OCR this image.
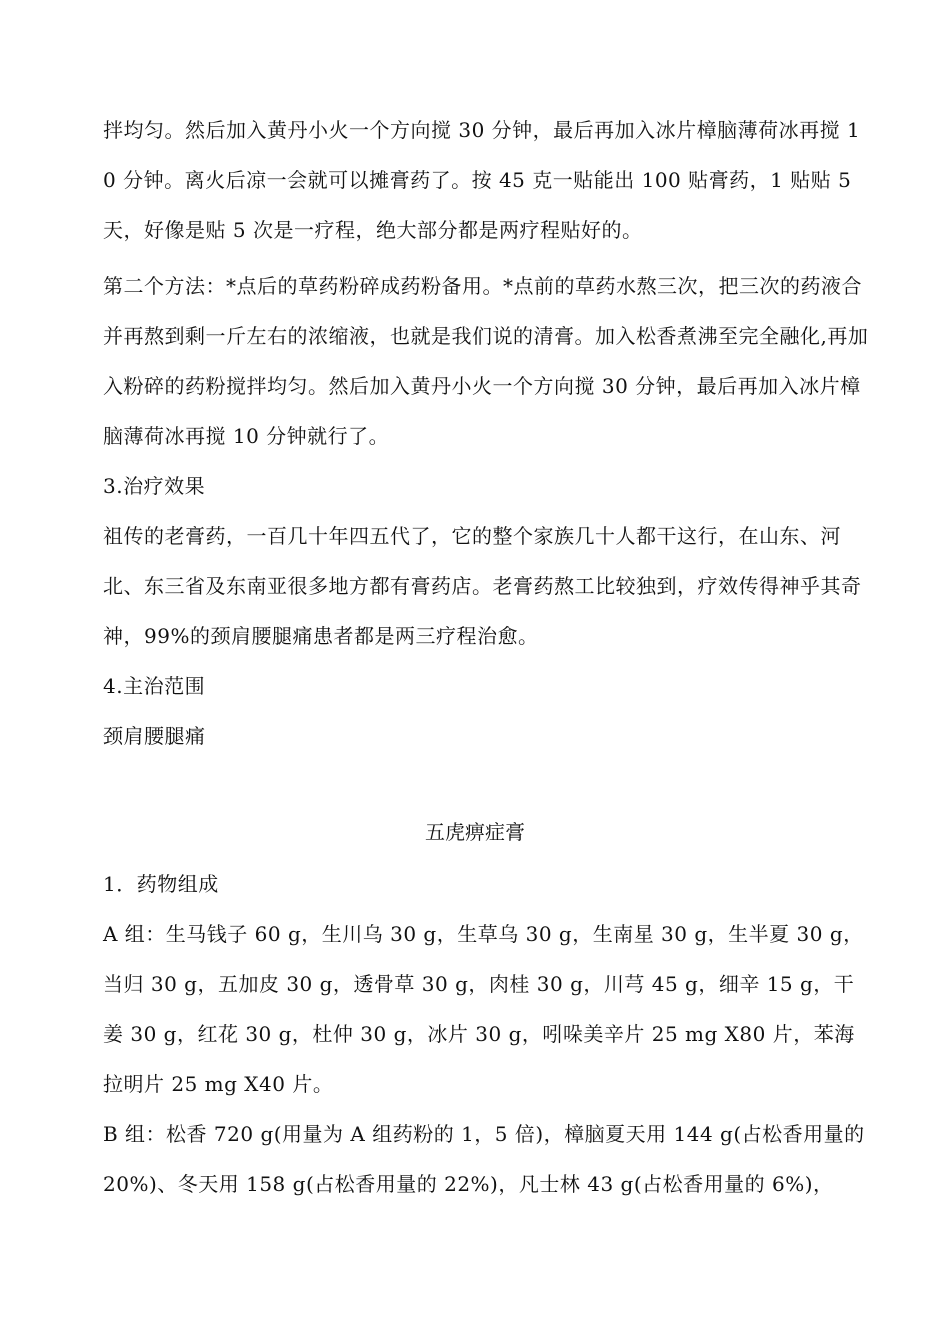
拌均匀。然后加入黄丹小火一个方向搅 30 分钟，最后再加入冰片樟脑薄荷冰再搅 10 分钟。离火后凉一会就可以摊膏药了。按 45 克一贴能出 100 贴膏药，1 贴贴 5 天，好像是贴 5 次是一疗程，绝大部分都是两疗程贴好的。

第二个方法：*点后的草药粉碎成药粉备用。*点前的草药水熬三次，把三次的药液合并再熬到剩一斤左右的浓缩液，也就是我们说的清膏。加入松香煮沸至完全融化,再加入粉碎的药粉搅拌均匀。然后加入黄丹小火一个方向搅 30 分钟，最后再加入冰片樟脑薄荷冰再搅 10 分钟就行了。

3.治疗效果

祖传的老膏药，一百几十年四五代了，它的整个家族几十人都干这行，在山东、河北、东三省及东南亚很多地方都有膏药店。老膏药熬工比较独到，疗效传得神乎其奇神，99%的颈肩腰腿痛患者都是两三疗程治愈。

4.主治范围

颈肩腰腿痛

五虎痹症膏

1．药物组成

A 组：生马钱子 60 g，生川乌 30 g，生草乌 30 g，生南星 30 g，生半夏 30 g，当归 30 g，五加皮 30 g，透骨草 30 g，肉桂 30 g，川芎 45 g，细辛 15 g，干姜 30 g，红花 30 g，杜仲 30 g，冰片 30 g，吲哚美辛片 25 mg X80 片，苯海拉明片 25 mg X40 片。

B 组：松香 720 g(用量为 A 组药粉的 1，5 倍)，樟脑夏天用 144 g(占松香用量的 20%)、冬天用 158 g(占松香用量的 22%)，凡士林 43 g(占松香用量的 6%)，
